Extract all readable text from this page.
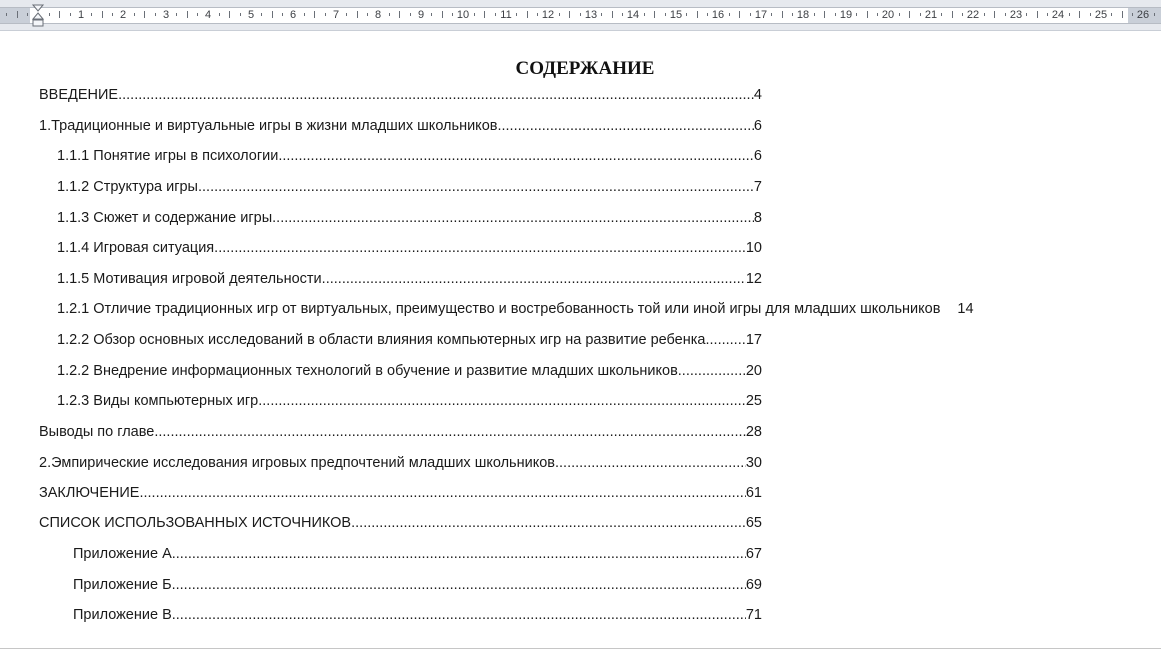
1	2	3	4	5	6	7	8	9	10	11	12	13	14	15	16	17	18	19	20	21	22	23	24	25	26
СОДЕРЖАНИЕ
ВВЕДЕНИЕ .....	4
1.Традиционные и виртуальные игры в жизни младших школьников .....	6
1.1.1 Понятие игры в психологии .....	6
1.1.2 Структура игры .....	7
1.1.3 Сюжет и содержание игры .....	8
1.1.4 Игровая ситуация .....	10
1.1.5 Мотивация игровой деятельности .....	12
1.2.1 Отличие традиционных игр от виртуальных, преимущество и востребованность той или иной игры для младших школьников 14
1.2.2 Обзор основных исследований в области влияния компьютерных игр на развитие ребенка .....	17
1.2.2 Внедрение информационных технологий в обучение и развитие младших школьников .....	20
1.2.3 Виды компьютерных игр .....	25
Выводы по главе .....	28
2.Эмпирические исследования игровых предпочтений младших школьников .....	30
ЗАКЛЮЧЕНИЕ .....	61
СПИСОК ИСПОЛЬЗОВАННЫХ ИСТОЧНИКОВ .....	65
Приложение А .....	67
Приложение Б. .....	69
Приложение В. .....	71
